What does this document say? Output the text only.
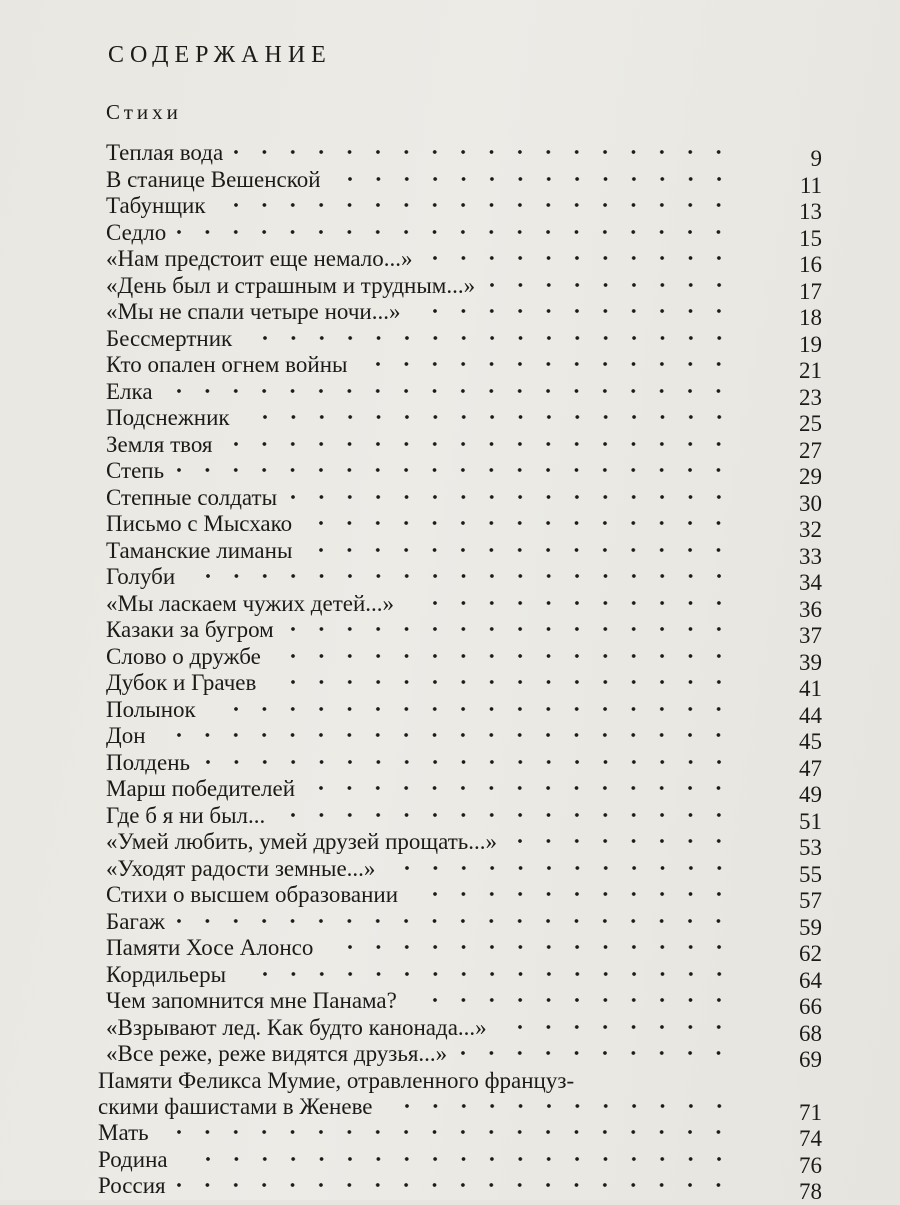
СОДЕРЖАНИЕ
Стихи
Теплая вода	9
В станице Вешенской	11
Табунщик	13
Седло	15
«Нам предстоит еще немало...»	16
«День был и страшным и трудным...»	17
«Мы не спали четыре ночи...»	18
Бессмертник	19
Кто опален огнем войны	21
Елка	23
Подснежник	25
Земля твоя	27
Степь	29
Степные солдаты	30
Письмо с Мысхако	32
Таманские лиманы	33
Голуби	34
«Мы ласкаем чужих детей...»	36
Казаки за бугром	37
Слово о дружбе	39
Дубок и Грачев	41
Полынок	44
Дон	45
Полдень	47
Марш победителей	49
Где б я ни был...	51
«Умей любить, умей друзей прощать...»	53
«Уходят радости земные...»	55
Стихи о высшем образовании	57
Багаж	59
Памяти Хосе Алонсо	62
Кордильеры	64
Чем запомнится мне Панама?	66
«Взрывают лед. Как будто канонада...»	68
«Все реже, реже видятся друзья...»	69
Памяти Феликса Мумие, отравленного француз-
скими фашистами в Женеве	71
Мать	74
Родина	76
Россия	78
